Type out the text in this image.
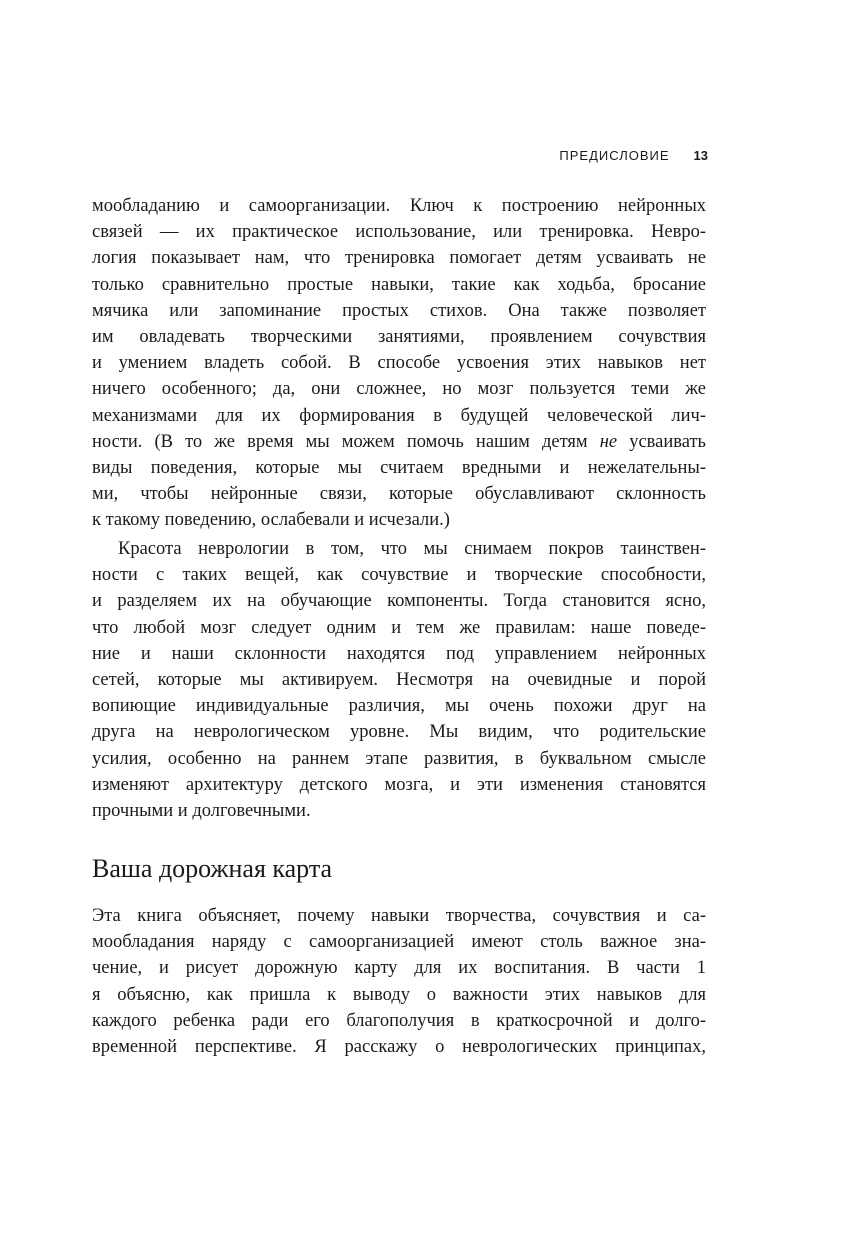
ПРЕДИСЛОВИЕ 13
мообладанию и самоорганизации. Ключ к построению нейронных
связей — их практическое использование, или тренировка. Невро-
логия показывает нам, что тренировка помогает детям усваивать не
только сравнительно простые навыки, такие как ходьба, бросание
мячика или запоминание простых стихов. Она также позволяет
им овладевать творческими занятиями, проявлением сочувствия
и умением владеть собой. В способе усвоения этих навыков нет
ничего особенного; да, они сложнее, но мозг пользуется теми же
механизмами для их формирования в будущей человеческой лич-
ности. (В то же время мы можем помочь нашим детям не усваивать
виды поведения, которые мы считаем вредными и нежелательны-
ми, чтобы нейронные связи, которые обуславливают склонность
к такому поведению, ослабевали и исчезали.)
Красота неврологии в том, что мы снимаем покров таинствен-
ности с таких вещей, как сочувствие и творческие способности,
и разделяем их на обучающие компоненты. Тогда становится ясно,
что любой мозг следует одним и тем же правилам: наше поведе-
ние и наши склонности находятся под управлением нейронных
сетей, которые мы активируем. Несмотря на очевидные и порой
вопиющие индивидуальные различия, мы очень похожи друг на
друга на неврологическом уровне. Мы видим, что родительские
усилия, особенно на раннем этапе развития, в буквальном смысле
изменяют архитектуру детского мозга, и эти изменения становятся
прочными и долговечными.
Ваша дорожная карта
Эта книга объясняет, почему навыки творчества, сочувствия и са-
мообладания наряду с самоорганизацией имеют столь важное зна-
чение, и рисует дорожную карту для их воспитания. В части 1
я объясню, как пришла к выводу о важности этих навыков для
каждого ребенка ради его благополучия в краткосрочной и долго-
временной перспективе. Я расскажу о неврологических принципах,
